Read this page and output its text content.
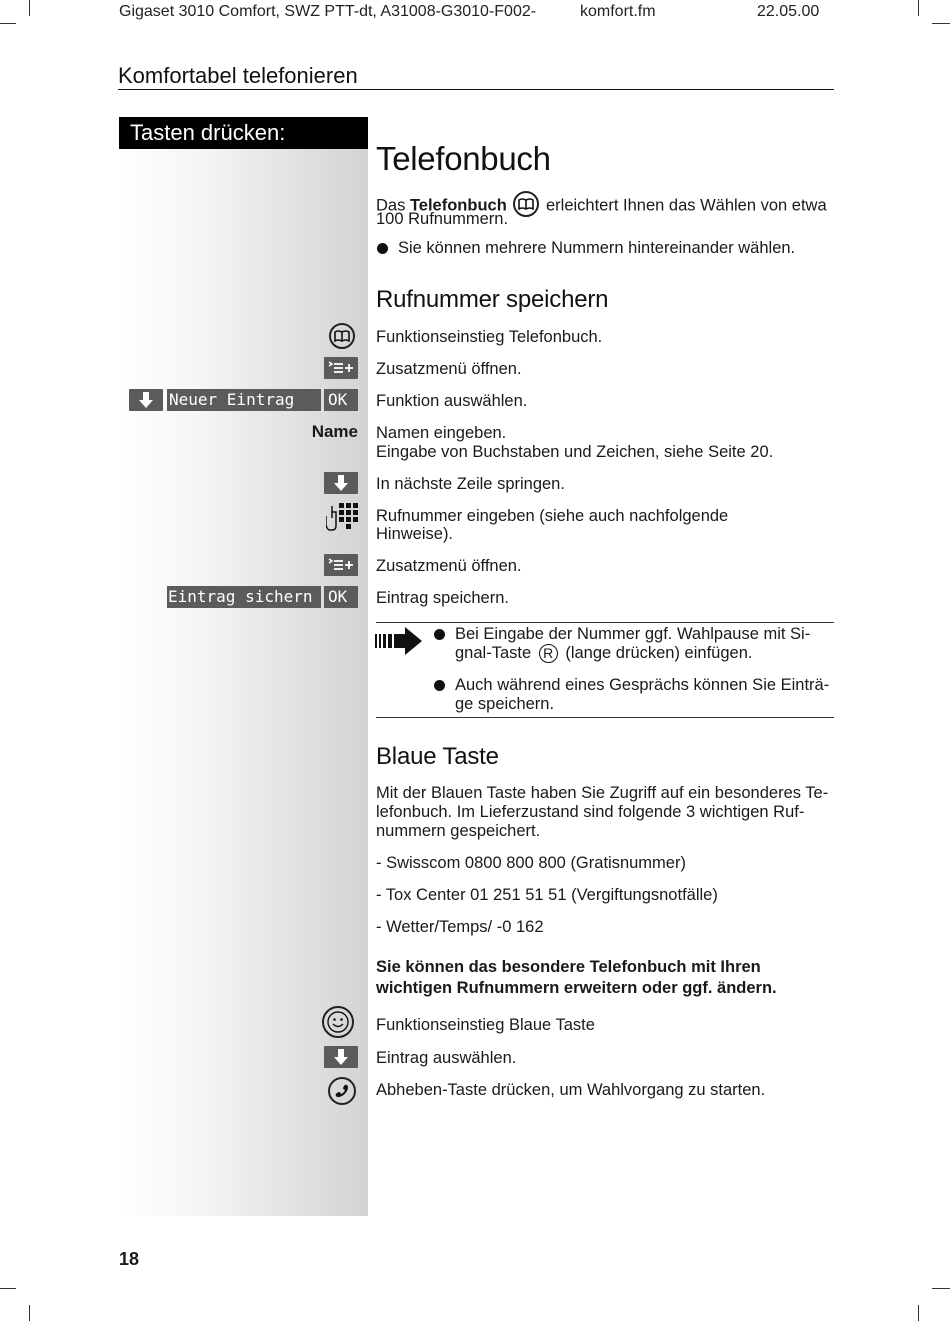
Gigaset 3010 Comfort, SWZ PTT-dt, A31008-G3010-F002-	komfort.fm	22.05.00
Komfortabel telefonieren
Tasten drücken:
Telefonbuch
Das Telefonbuch erleichtert Ihnen das Wählen von etwa
100 Rufnummern.
Sie können mehrere Nummern hintereinander wählen.
Rufnummer speichern
Funktionseinstieg Telefonbuch.
Zusatzmenü öffnen.
Neuer Eintrag	OK	Funktion auswählen.
Name Namen eingeben.
Eingabe von Buchstaben und Zeichen, siehe Seite 20.
In nächste Zeile springen.
Rufnummer eingeben (siehe auch nachfolgende
Hinweise).
Zusatzmenü öffnen.
Eintrag sichern OK	Eintrag speichern.
Bei Eingabe der Nummer ggf. Wahlpause mit Si-
gnal-Taste R (lange drücken) einfügen.
Auch während eines Gesprächs können Sie Einträ-
ge speichern.
Blaue Taste
Mit der Blauen Taste haben Sie Zugriff auf ein besonderes Te-
lefonbuch. Im Lieferzustand sind folgende 3 wichtigen Ruf-
nummern gespeichert.
- Swisscom 0800 800 800 (Gratisnummer)
- Tox Center 01 251 51 51 (Vergiftungsnotfälle)
- Wetter/Temps/ -0 162
Sie können das besondere Telefonbuch mit Ihren
wichtigen Rufnummern erweitern oder ggf. ändern.
Funktionseinstieg Blaue Taste
Eintrag auswählen.
Abheben-Taste drücken, um Wahlvorgang zu starten.
18
